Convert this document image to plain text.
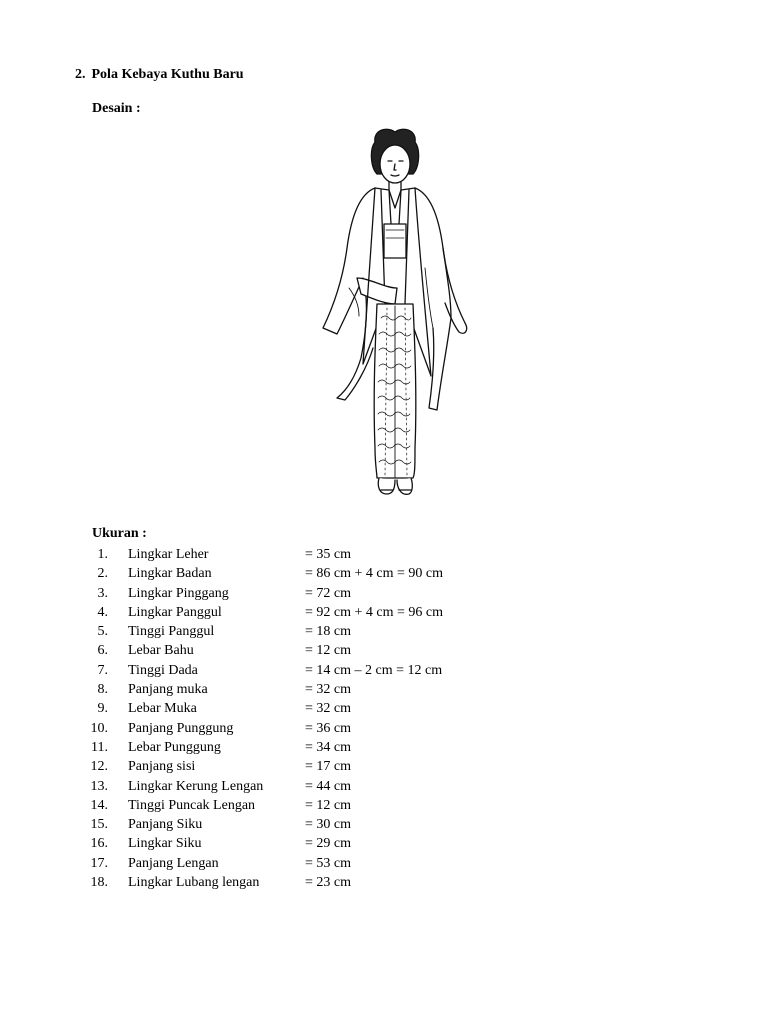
2. Pola Kebaya Kuthu Baru
Desain :
Ukuran :
1. Lingkar Leher	= 35 cm
2. Lingkar Badan	= 86 cm + 4 cm = 90 cm
3. Lingkar Pinggang	= 72 cm
4. Lingkar Panggul	= 92 cm + 4 cm = 96 cm
5. Tinggi Panggul	= 18 cm
6. Lebar Bahu	= 12 cm
7. Tinggi Dada	= 14 cm – 2 cm = 12 cm
8. Panjang muka	= 32 cm
9. Lebar Muka	= 32 cm
10. Panjang Punggung	= 36 cm
11. Lebar Punggung	= 34 cm
12. Panjang sisi	= 17 cm
13. Lingkar Kerung Lengan	= 44 cm
14. Tinggi Puncak Lengan	= 12 cm
15. Panjang Siku	= 30 cm
16. Lingkar Siku	= 29 cm
17. Panjang Lengan	= 53 cm
18. Lingkar Lubang lengan	= 23 cm
